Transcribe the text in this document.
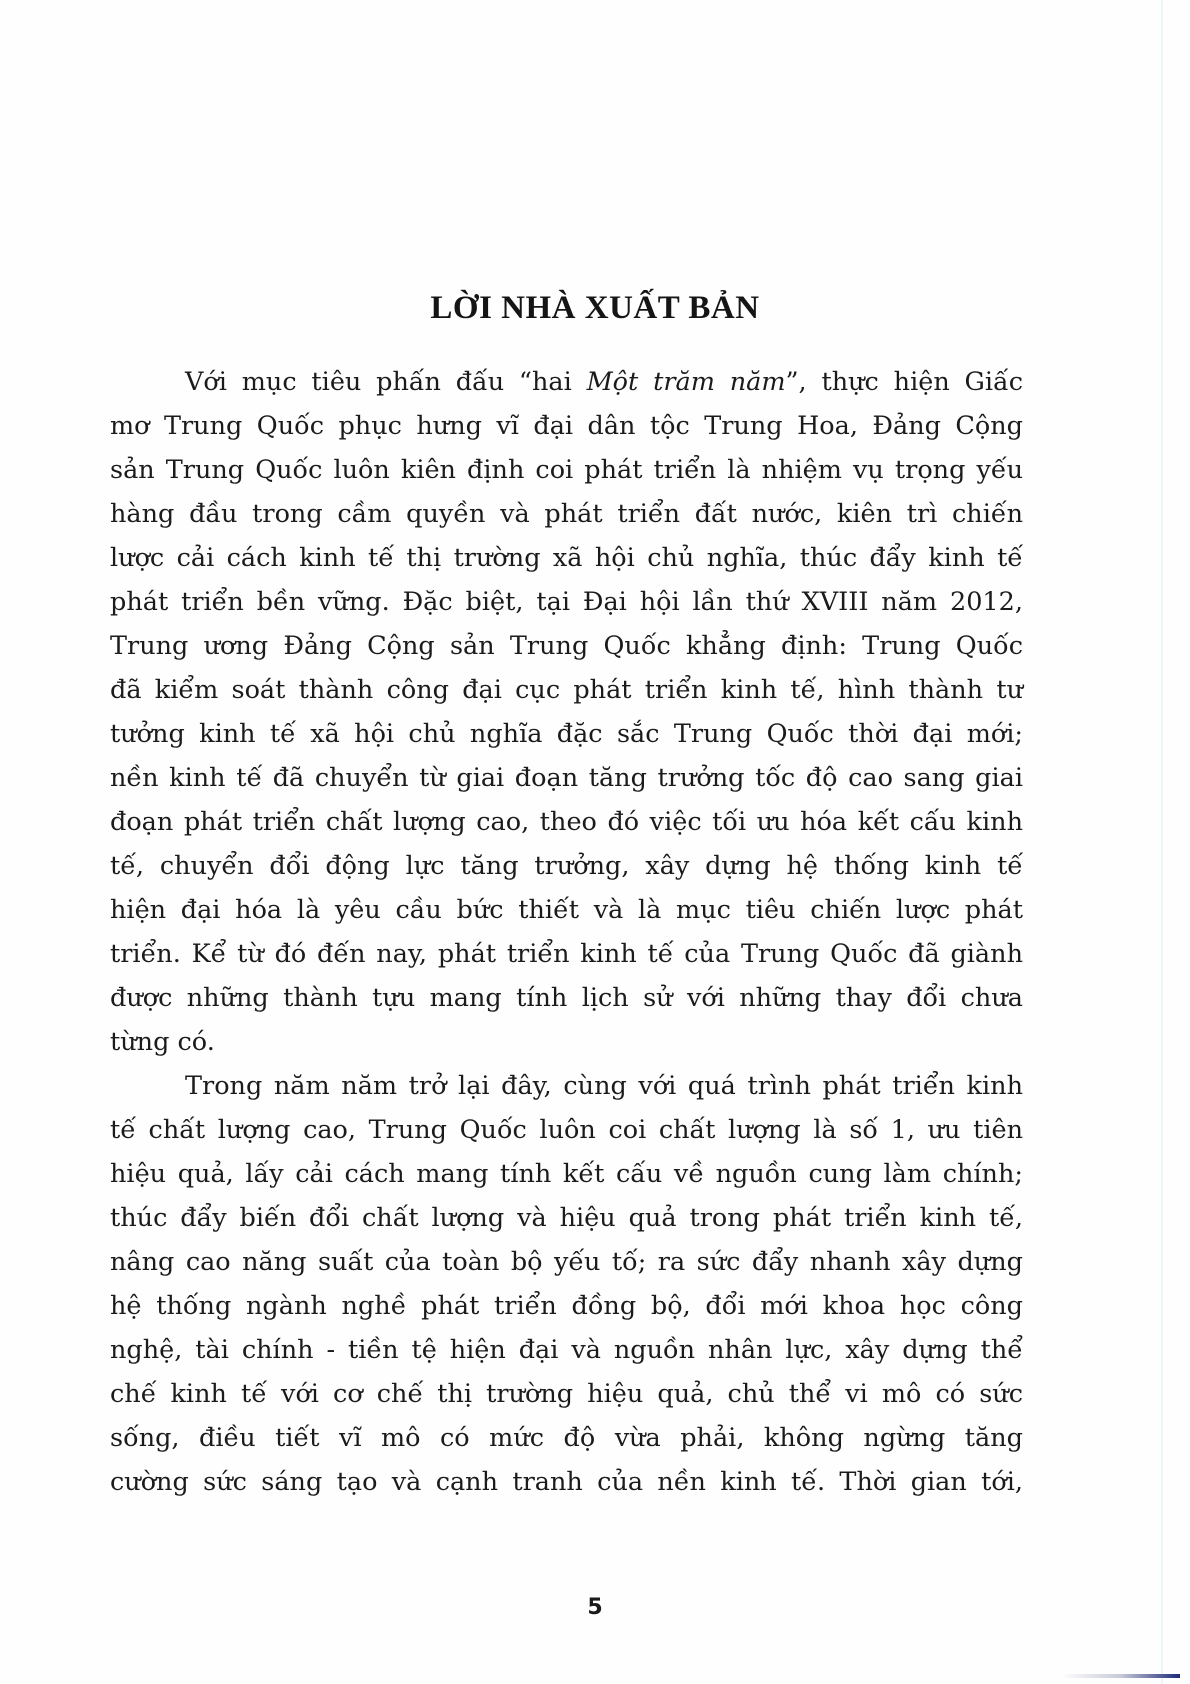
LỜI NHÀ XUẤT BẢN
Với mục tiêu phấn đấu “hai Một trăm năm”, thực hiện Giấc
mơ Trung Quốc phục hưng vĩ đại dân tộc Trung Hoa, Đảng Cộng
sản Trung Quốc luôn kiên định coi phát triển là nhiệm vụ trọng yếu
hàng đầu trong cầm quyền và phát triển đất nước, kiên trì chiến
lược cải cách kinh tế thị trường xã hội chủ nghĩa, thúc đẩy kinh tế
phát triển bền vững. Đặc biệt, tại Đại hội lần thứ XVIII năm 2012,
Trung ương Đảng Cộng sản Trung Quốc khẳng định: Trung Quốc
đã kiểm soát thành công đại cục phát triển kinh tế, hình thành tư
tưởng kinh tế xã hội chủ nghĩa đặc sắc Trung Quốc thời đại mới;
nền kinh tế đã chuyển từ giai đoạn tăng trưởng tốc độ cao sang giai
đoạn phát triển chất lượng cao, theo đó việc tối ưu hóa kết cấu kinh
tế, chuyển đổi động lực tăng trưởng, xây dựng hệ thống kinh tế
hiện đại hóa là yêu cầu bức thiết và là mục tiêu chiến lược phát
triển. Kể từ đó đến nay, phát triển kinh tế của Trung Quốc đã giành
được những thành tựu mang tính lịch sử với những thay đổi chưa
từng có.
Trong năm năm trở lại đây, cùng với quá trình phát triển kinh
tế chất lượng cao, Trung Quốc luôn coi chất lượng là số 1, ưu tiên
hiệu quả, lấy cải cách mang tính kết cấu về nguồn cung làm chính;
thúc đẩy biến đổi chất lượng và hiệu quả trong phát triển kinh tế,
nâng cao năng suất của toàn bộ yếu tố; ra sức đẩy nhanh xây dựng
hệ thống ngành nghề phát triển đồng bộ, đổi mới khoa học công
nghệ, tài chính - tiền tệ hiện đại và nguồn nhân lực, xây dựng thể
chế kinh tế với cơ chế thị trường hiệu quả, chủ thể vi mô có sức
sống, điều tiết vĩ mô có mức độ vừa phải, không ngừng tăng
cường sức sáng tạo và cạnh tranh của nền kinh tế. Thời gian tới,
5
